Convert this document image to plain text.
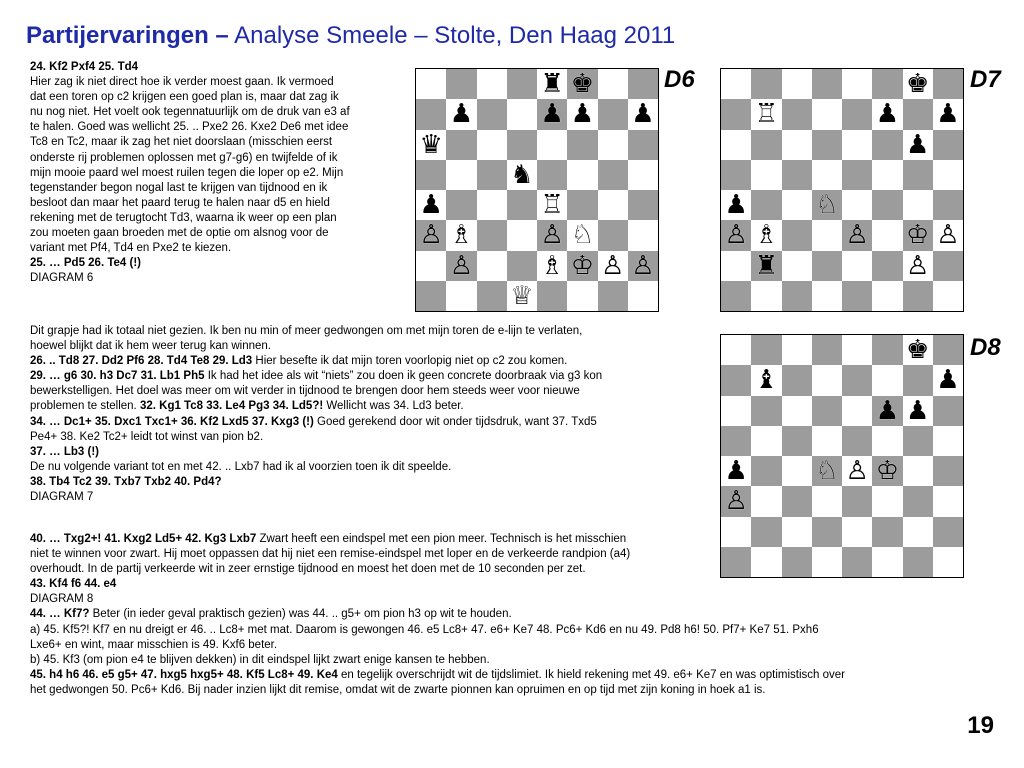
Partijervaringen – Analyse Smeele – Stolte, Den Haag 2011
24. Kf2 Pxf4 25. Td4
Hier zag ik niet direct hoe ik verder moest gaan. Ik vermoed
dat een toren op c2 krijgen een goed plan is, maar dat zag ik
nu nog niet. Het voelt ook tegennatuurlijk om de druk van e3 af
te halen. Goed was wellicht 25. .. Pxe2 26. Kxe2 De6 met idee
Tc8 en Tc2, maar ik zag het niet doorslaan (misschien eerst
onderste rij problemen oplossen met g7-g6) en twijfelde of ik
mijn mooie paard wel moest ruilen tegen die loper op e2. Mijn
tegenstander begon nogal last te krijgen van tijdnood en ik
besloot dan maar het paard terug te halen naar d5 en hield
rekening met de terugtocht Td3, waarna ik weer op een plan
zou moeten gaan broeden met de optie om alsnog voor de
variant met Pf4, Td4 en Pxe2 te kiezen.
25. … Pd5 26. Te4 (!)
DIAGRAM 6
Dit grapje had ik totaal niet gezien. Ik ben nu min of meer gedwongen om met mijn toren de e-lijn te verlaten,
hoewel blijkt dat ik hem weer terug kan winnen.
26. .. Td8 27. Dd2 Pf6 28. Td4 Te8 29. Ld3 Hier besefte ik dat mijn toren voorlopig niet op c2 zou komen.
29. … g6 30. h3 Dc7 31. Lb1 Ph5 Ik had het idee als wit “niets” zou doen ik geen concrete doorbraak via g3 kon
bewerkstelligen. Het doel was meer om wit verder in tijdnood te brengen door hem steeds weer voor nieuwe
problemen te stellen. 32. Kg1 Tc8 33. Le4 Pg3 34. Ld5?! Wellicht was 34. Ld3 beter.
34. … Dc1+ 35. Dxc1 Txc1+ 36. Kf2 Lxd5 37. Kxg3 (!) Goed gerekend door wit onder tijdsdruk, want 37. Txd5
Pe4+ 38. Ke2 Tc2+ leidt tot winst van pion b2.
37. … Lb3 (!)
De nu volgende variant tot en met 42. .. Lxb7 had ik al voorzien toen ik dit speelde.
38. Tb4 Tc2 39. Txb7 Txb2 40. Pd4?
DIAGRAM 7
40. … Txg2+! 41. Kxg2 Ld5+ 42. Kg3 Lxb7 Zwart heeft een eindspel met een pion meer. Technisch is het misschien
niet te winnen voor zwart. Hij moet oppassen dat hij niet een remise-eindspel met loper en de verkeerde randpion (a4)
overhoudt. In de partij verkeerde wit in zeer ernstige tijdnood en moest het doen met de 10 seconden per zet.
43. Kf4 f6 44. e4
DIAGRAM 8
44. … Kf7? Beter (in ieder geval praktisch gezien) was 44. .. g5+ om pion h3 op wit te houden.
a) 45. Kf5?! Kf7 en nu dreigt er 46. .. Lc8+ met mat. Daarom is gewongen 46. e5 Lc8+ 47. e6+ Ke7 48. Pc6+ Kd6 en nu 49. Pd8 h6! 50. Pf7+ Ke7 51. Pxh6
Lxe6+ en wint, maar misschien is 49. Kxf6 beter.
b) 45. Kf3 (om pion e4 te blijven dekken) in dit eindspel lijkt zwart enige kansen te hebben.
45. h4 h6 46. e5 g5+ 47. hxg5 hxg5+ 48. Kf5 Lc8+ 49. Ke4 en tegelijk overschrijdt wit de tijdslimiet. Ik hield rekening met 49. e6+ Ke7 en was optimistisch over
het gedwongen 50. Pc6+ Kd6. Bij nader inzien lijkt dit remise, omdat wit de zwarte pionnen kan opruimen en op tijd met zijn koning in hoek a1 is.
♜ ♚
♟	♟ ♟ ♟
♛
♞
♟	♖
♙ ♗	♙ ♘
♙	♗ ♔ ♙ ♙
♕
D6	♚
♖	♟ ♟
♟
♟	♘
♙ ♗	♙ ♔ ♙
♜	♙
D7
♚
♝	♟
♟ ♟
♟	♘ ♙ ♔
♙
D8
19
